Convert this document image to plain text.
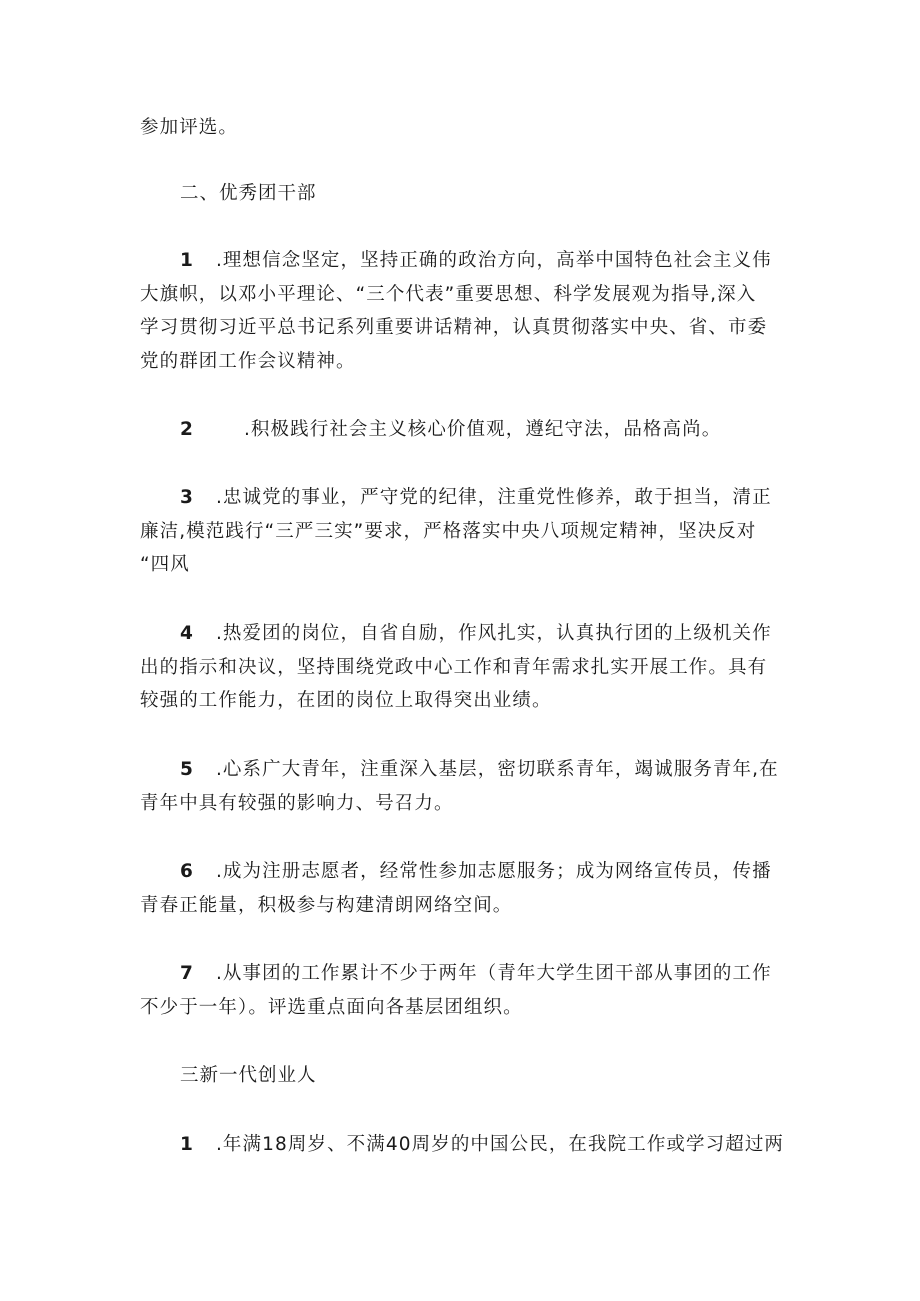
参加评选。
二、优秀团干部
1 .理想信念坚定，坚持正确的政治方向，高举中国特色社会主义伟
大旗帜，以邓小平理论、“三个代表”重要思想、科学发展观为指导,深入
学习贯彻习近平总书记系列重要讲话精神，认真贯彻落实中央、省、市委
党的群团工作会议精神。
2	.积极践行社会主义核心价值观，遵纪守法，品格高尚。
3 .忠诚党的事业，严守党的纪律，注重党性修养，敢于担当，清正
廉洁,模范践行“三严三实”要求，严格落实中央八项规定精神，坚决反对
“四风
4 .热爱团的岗位，自省自励，作风扎实，认真执行团的上级机关作
出的指示和决议，坚持围绕党政中心工作和青年需求扎实开展工作。具有
较强的工作能力，在团的岗位上取得突出业绩。
5 .心系广大青年，注重深入基层，密切联系青年，竭诚服务青年,在
青年中具有较强的影响力、号召力。
6 .成为注册志愿者，经常性参加志愿服务；成为网络宣传员，传播
青春正能量，积极参与构建清朗网络空间。
7 .从事团的工作累计不少于两年（青年大学生团干部从事团的工作
不少于一年）。评选重点面向各基层团组织。
三新一代创业人
1 .年满18周岁、不满40周岁的中国公民，在我院工作或学习超过两
